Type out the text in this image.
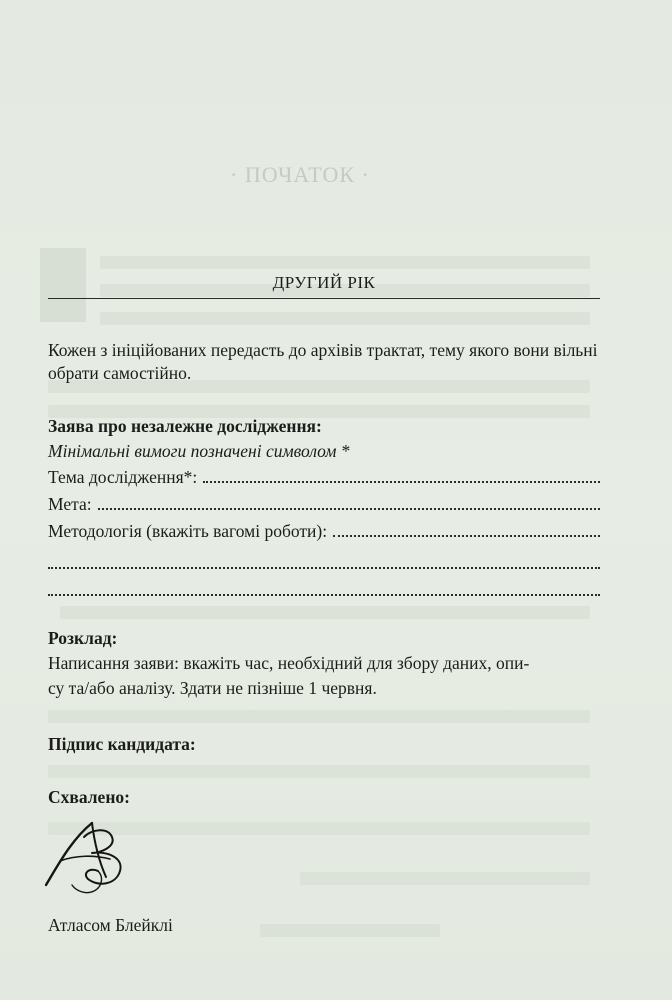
· ПОЧАТОК ·
ДРУГИЙ РІК
Кожен з ініційованих передасть до архівів трактат, тему якого вони вільні обрати самостійно.
Заява про незалежне дослідження:
Мінімальні вимоги позначені символом *
Тема дослідження*:
Мета:
Методологія (вкажіть вагомі роботи):
Розклад:
Написання заяви: вкажіть час, необхідний для збору даних, опи-
су та/або аналізу. Здати не пізніше 1 червня.
Підпис кандидата:
Схвалено:
Атласом Блейклі
